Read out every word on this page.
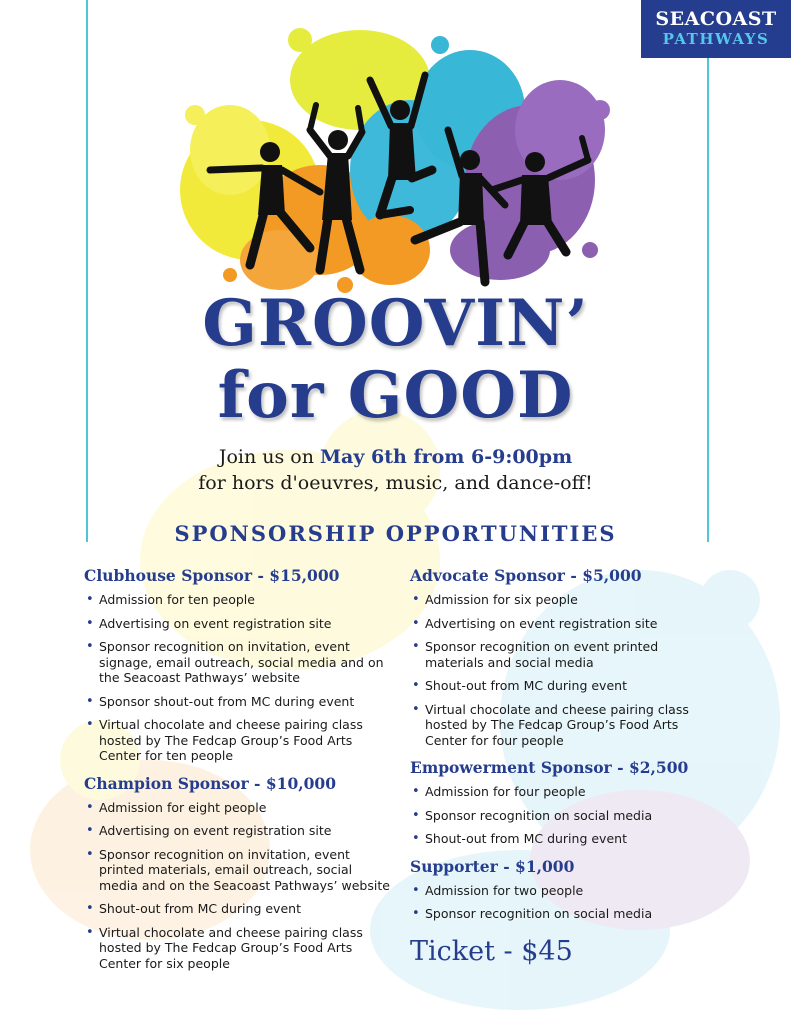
SEACOAST
PATHWAYS
GROOVIN’
for GOOD
Join us on May 6th from 6-9:00pm
for hors d'oeuvres, music, and dance-off!
SPONSORSHIP OPPORTUNITIES
Clubhouse Sponsor - $15,000
• Admission for ten people
• Advertising on event registration site
• Sponsor recognition on invitation, event signage, email outreach, social media and on the Seacoast Pathways’ website
• Sponsor shout-out from MC during event
• Virtual chocolate and cheese pairing class hosted by The Fedcap Group’s Food Arts Center for ten people
Champion Sponsor - $10,000
• Admission for eight people
• Advertising on event registration site
• Sponsor recognition on invitation, event printed materials, email outreach, social media and on the Seacoast Pathways’ website
• Shout-out from MC during event
• Virtual chocolate and cheese pairing class hosted by The Fedcap Group’s Food Arts Center for six people
Advocate Sponsor - $5,000
• Admission for six people
• Advertising on event registration site
• Sponsor recognition on event printed materials and social media
• Shout-out from MC during event
• Virtual chocolate and cheese pairing class hosted by The Fedcap Group’s Food Arts Center for four people
Empowerment Sponsor - $2,500
• Admission for four people
• Sponsor recognition on social media
• Shout-out from MC during event
Supporter - $1,000
• Admission for two people
• Sponsor recognition on social media
Ticket - $45
